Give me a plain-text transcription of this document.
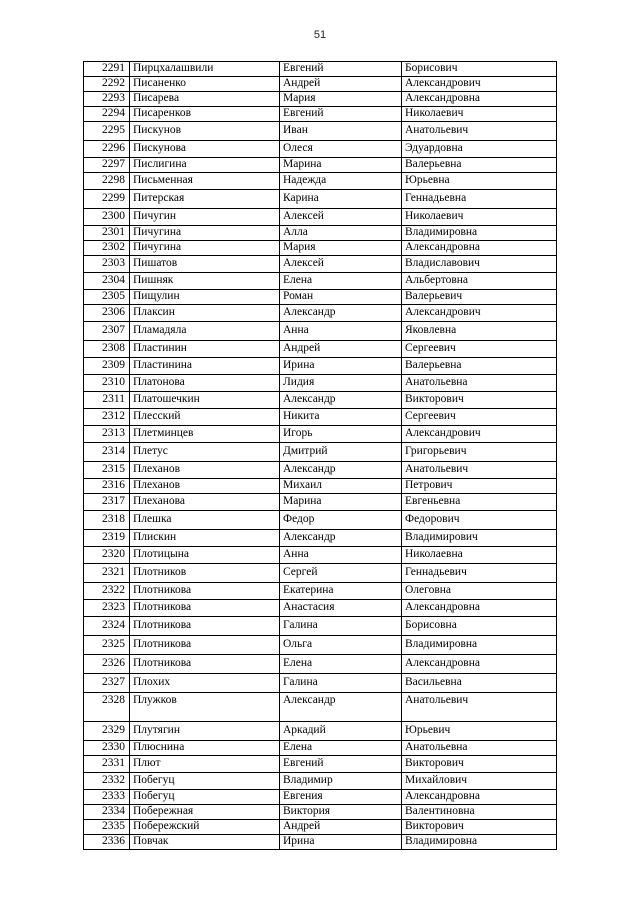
51
2291	Пирцхалашвили	Евгений	Борисович
2292	Писаненко	Андрей	Александрович
2293	Писарева	Мария	Александровна
2294	Писаренков	Евгений	Николаевич
2295	Пискунов	Иван	Анатольевич
2296	Пискунова	Олеся	Эдуардовна
2297	Пислигина	Марина	Валерьевна
2298	Письменная	Надежда	Юрьевна
2299	Питерская	Карина	Геннадьевна
2300	Пичугин	Алексей	Николаевич
2301	Пичугина	Алла	Владимировна
2302	Пичугина	Мария	Александровна
2303	Пишатов	Алексей	Владиславович
2304	Пишняк	Елена	Альбертовна
2305	Пищулин	Роман	Валерьевич
2306	Плаксин	Александр	Александрович
2307	Пламадяла	Анна	Яковлевна
2308	Пластинин	Андрей	Сергеевич
2309	Пластинина	Ирина	Валерьевна
2310	Платонова	Лидия	Анатольевна
2311	Платошечкин	Александр	Викторович
2312	Плесский	Никита	Сергеевич
2313	Плетминцев	Игорь	Александрович
2314	Плетус	Дмитрий	Григорьевич
2315	Плеханов	Александр	Анатольевич
2316	Плеханов	Михаил	Петрович
2317	Плеханова	Марина	Евгеньевна
2318	Плешка	Федор	Федорович
2319	Плискин	Александр	Владимирович
2320	Плотицына	Анна	Николаевна
2321	Плотников	Сергей	Геннадьевич
2322	Плотникова	Екатерина	Олеговна
2323	Плотникова	Анастасия	Александровна
2324	Плотникова	Галина	Борисовна
2325	Плотникова	Ольга	Владимировна
2326	Плотникова	Елена	Александровна
2327	Плохих	Галина	Васильевна
2328	Плужков	Александр	Анатольевич
2329	Плутягин	Аркадий	Юрьевич
2330	Плюснина	Елена	Анатольевна
2331	Плют	Евгений	Викторович
2332	Побегуц	Владимир	Михайлович
2333	Побегуц	Евгения	Александровна
2334	Побережная	Виктория	Валентиновна
2335	Побережский	Андрей	Викторович
2336	Повчак	Ирина	Владимировна
